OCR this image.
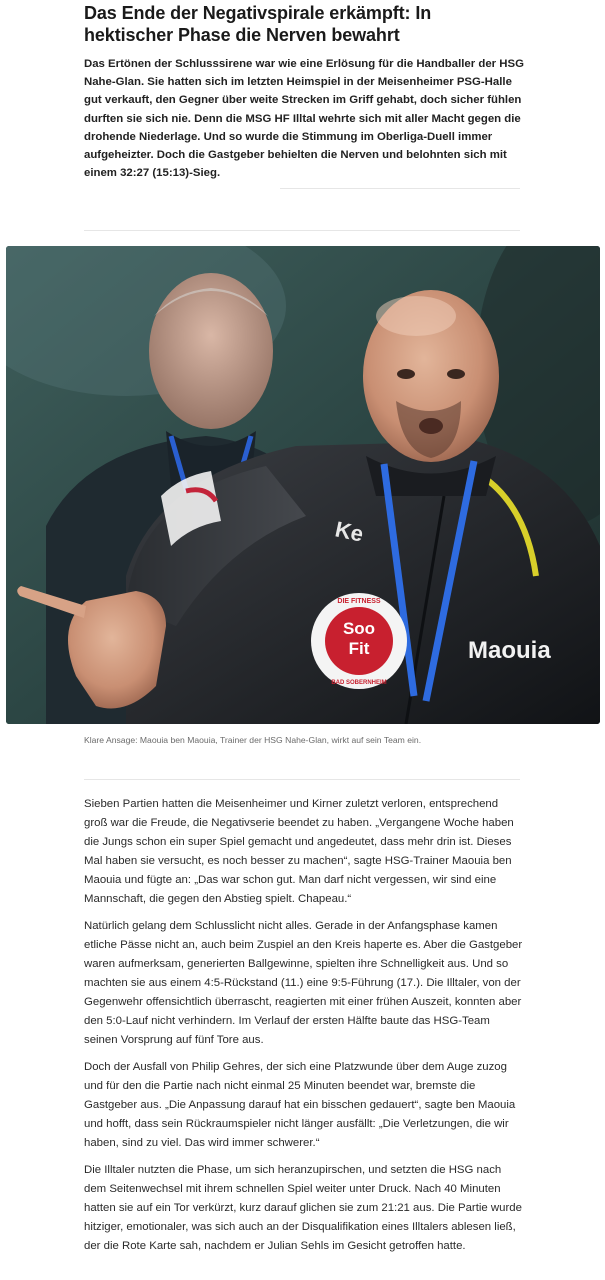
Das Ende der Negativspirale erkämpft: In hektischer Phase die Nerven bewahrt

Das Ertönen der Schlusssirene war wie eine Erlösung für die Handballer der HSG Nahe-Glan. Sie hatten sich im letzten Heimspiel in der Meisenheimer PSG-Halle gut verkauft, den Gegner über weite Strecken im Griff gehabt, doch sicher fühlen durften sie sich nie. Denn die MSG HF Illtal wehrte sich mit aller Macht gegen die drohende Niederlage. Und so wurde die Stimmung im Oberliga-Duell immer aufgeheizter. Doch die Gastgeber behielten die Nerven und belohnten sich mit einem 32:27 (15:13)-Sieg.

Ke
Soo
Fit
DIE FITNESS
BAD SOBERNHEIM
Maouia

Klare Ansage: Maouia ben Maouia, Trainer der HSG Nahe-Glan, wirkt auf sein Team ein.

Sieben Partien hatten die Meisenheimer und Kirner zuletzt verloren, entsprechend groß war die Freude, die Negativserie beendet zu haben. „Vergangene Woche haben die Jungs schon ein super Spiel gemacht und angedeutet, dass mehr drin ist. Dieses Mal haben sie versucht, es noch besser zu machen“, sagte HSG-Trainer Maouia ben Maouia und fügte an: „Das war schon gut. Man darf nicht vergessen, wir sind eine Mannschaft, die gegen den Abstieg spielt. Chapeau.“

Natürlich gelang dem Schlusslicht nicht alles. Gerade in der Anfangsphase kamen etliche Pässe nicht an, auch beim Zuspiel an den Kreis haperte es. Aber die Gastgeber waren aufmerksam, generierten Ballgewinne, spielten ihre Schnelligkeit aus. Und so machten sie aus einem 4:5-Rückstand (11.) eine 9:5-Führung (17.). Die Illtaler, von der Gegenwehr offensichtlich überrascht, reagierten mit einer frühen Auszeit, konnten aber den 5:0-Lauf nicht verhindern. Im Verlauf der ersten Hälfte baute das HSG-Team seinen Vorsprung auf fünf Tore aus.

Doch der Ausfall von Philip Gehres, der sich eine Platzwunde über dem Auge zuzog und für den die Partie nach nicht einmal 25 Minuten beendet war, bremste die Gastgeber aus. „Die Anpassung darauf hat ein bisschen gedauert“, sagte ben Maouia und hofft, dass sein Rückraumspieler nicht länger ausfällt: „Die Verletzungen, die wir haben, sind zu viel. Das wird immer schwerer.“

Die Illtaler nutzten die Phase, um sich heranzupirschen, und setzten die HSG nach dem Seitenwechsel mit ihrem schnellen Spiel weiter unter Druck. Nach 40 Minuten hatten sie auf ein Tor verkürzt, kurz darauf glichen sie zum 21:21 aus. Die Partie wurde hitziger, emotionaler, was sich auch an der Disqualifikation eines Illtalers ablesen ließ, der die Rote Karte sah, nachdem er Julian Sehls im Gesicht getroffen hatte.
